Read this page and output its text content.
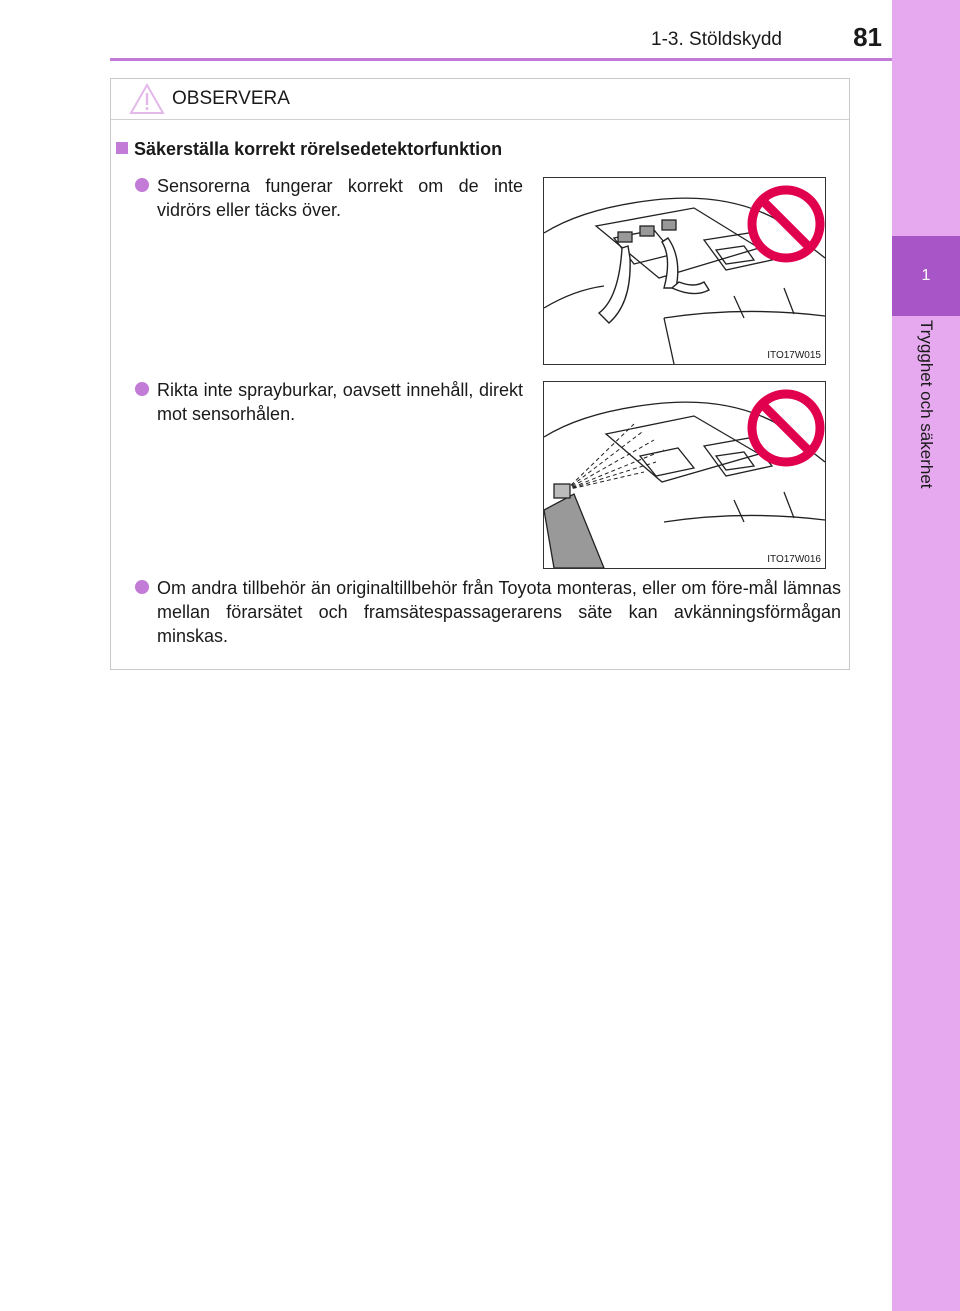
1
Trygghet och säkerhet
1-3. Stöldskydd	81
OBSERVERA
Säkerställa korrekt rörelsedetektorfunktion
Sensorerna fungerar korrekt om de inte vidrörs eller täcks över.
Rikta inte sprayburkar, oavsett innehåll, direkt mot sensorhålen.
Om andra tillbehör än originaltillbehör från Toyota monteras, eller om före-mål lämnas mellan förarsätet och framsätespassagerarens säte kan avkänningsförmågan minskas.
ITO17W015
ITO17W016
